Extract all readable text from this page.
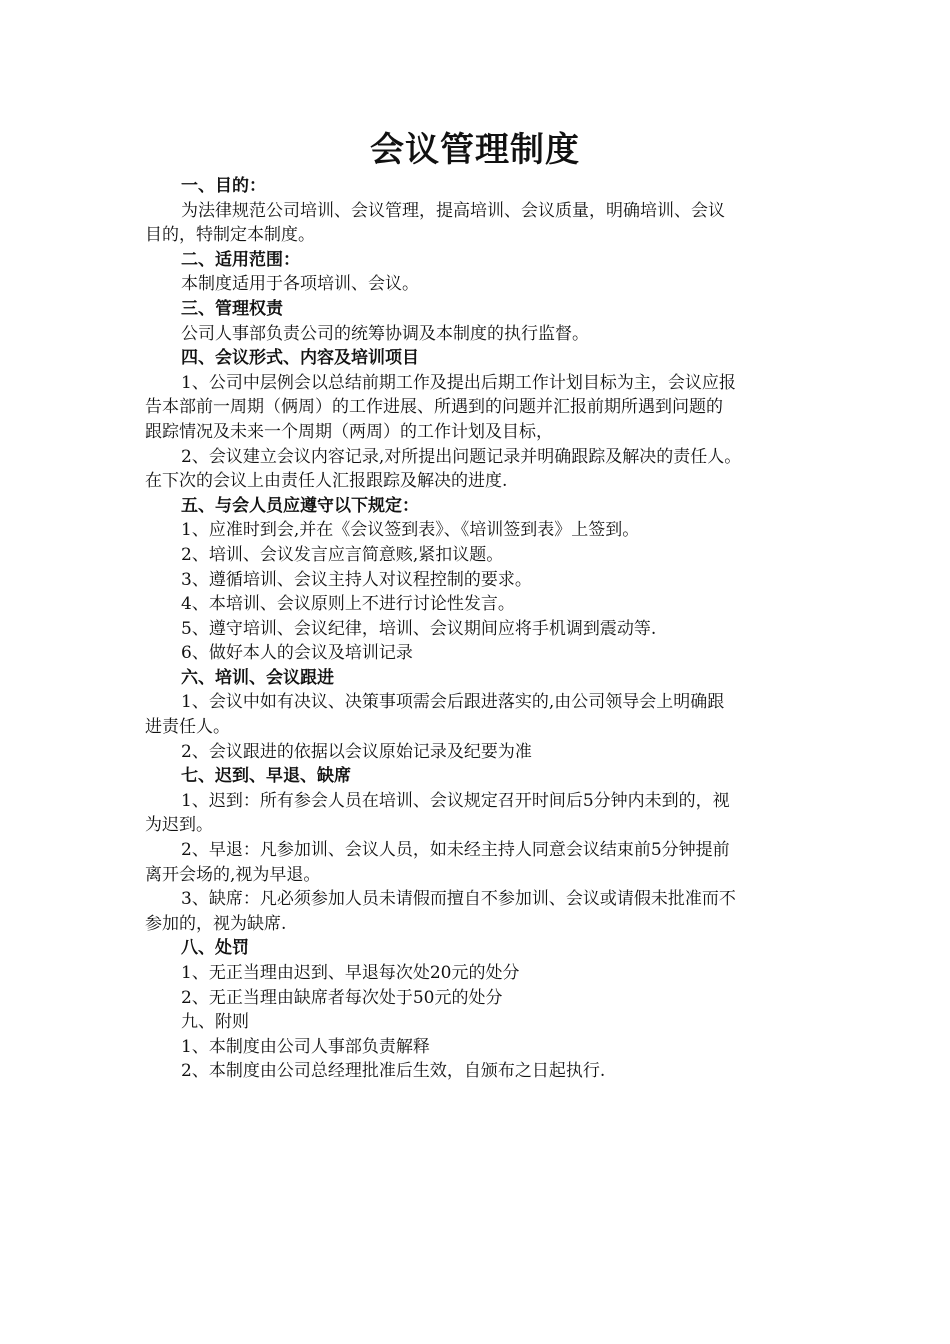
会议管理制度
一、目的：
为法律规范公司培训、会议管理，提高培训、会议质量，明确培训、会议
目的，特制定本制度。
二、适用范围：
本制度适用于各项培训、会议。
三、管理权责
公司人事部负责公司的统筹协调及本制度的执行监督。
四、会议形式、内容及培训项目
1、公司中层例会以总结前期工作及提出后期工作计划目标为主，会议应报
告本部前一周期（俩周）的工作进展、所遇到的问题并汇报前期所遇到问题的
跟踪情况及未来一个周期（两周）的工作计划及目标，
2、会议建立会议内容记录,对所提出问题记录并明确跟踪及解决的责任人。
在下次的会议上由责任人汇报跟踪及解决的进度.
五、与会人员应遵守以下规定：
1、应准时到会,并在《会议签到表》、《培训签到表》上签到。
2、培训、会议发言应言简意赅,紧扣议题。
3、遵循培训、会议主持人对议程控制的要求。
4、本培训、会议原则上不进行讨论性发言。
5、遵守培训、会议纪律，培训、会议期间应将手机调到震动等.
6、做好本人的会议及培训记录
六、培训、会议跟进
1、会议中如有决议、决策事项需会后跟进落实的,由公司领导会上明确跟
进责任人。
2、会议跟进的依据以会议原始记录及纪要为准
七、迟到、早退、缺席
1、迟到：所有参会人员在培训、会议规定召开时间后5分钟内未到的，视
为迟到。
2、早退：凡参加训、会议人员，如未经主持人同意会议结束前5分钟提前
离开会场的,视为早退。
3、缺席：凡必须参加人员未请假而擅自不参加训、会议或请假未批准而不
参加的，视为缺席.
八、处罚
1、无正当理由迟到、早退每次处20元的处分
2、无正当理由缺席者每次处于50元的处分
九、附则
1、本制度由公司人事部负责解释
2、本制度由公司总经理批准后生效，自颁布之日起执行.
